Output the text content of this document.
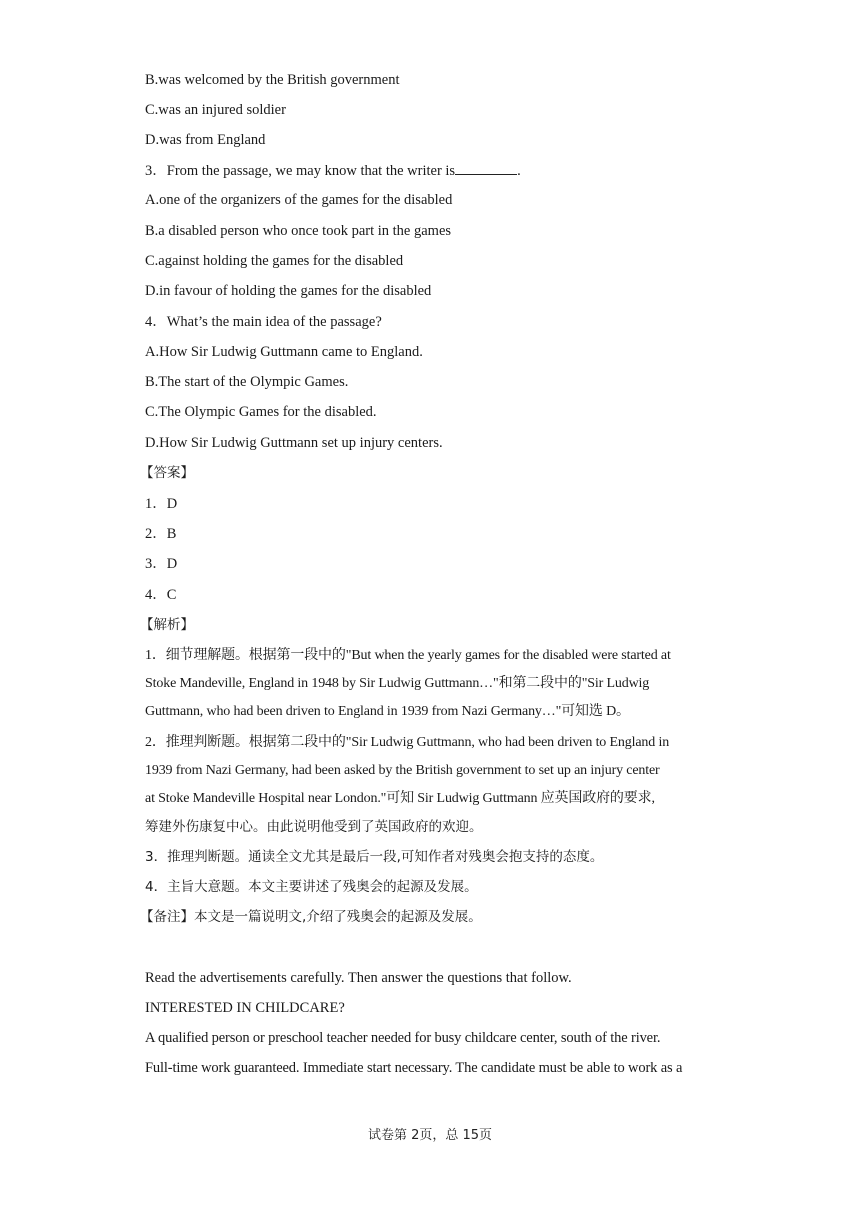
B.was welcomed by the British government
C.was an injured soldier
D.was from England
3．From the passage, we may know that the writer is	.
A.one of the organizers of the games for the disabled
B.a disabled person who once took part in the games
C.against holding the games for the disabled
D.in favour of holding the games for the disabled
4．What’s the main idea of the passage?
A.How Sir Ludwig Guttmann came to England.
B.The start of the Olympic Games.
C.The Olympic Games for the disabled.
D.How Sir Ludwig Guttmann set up injury centers.
【答案】
1．D
2．B
3．D
4．C
【解析】
1．细节理解题。根据第一段中的"But when the yearly games for the disabled were started at
Stoke Mandeville, England in 1948 by Sir Ludwig Guttmann…"和第二段中的"Sir Ludwig
Guttmann, who had been driven to England in 1939 from Nazi Germany…"可知选 D。
2．推理判断题。根据第二段中的"Sir Ludwig Guttmann, who had been driven to England in
1939 from Nazi Germany, had been asked by the British government to set up an injury center
at Stoke Mandeville Hospital near London."可知 Sir Ludwig Guttmann 应英国政府的要求,
筹建外伤康复中心。由此说明他受到了英国政府的欢迎。
3．推理判断题。通读全文尤其是最后一段,可知作者对残奥会抱支持的态度。
4．主旨大意题。本文主要讲述了残奥会的起源及发展。
【备注】本文是一篇说明文,介绍了残奥会的起源及发展。
Read the advertisements carefully. Then answer the questions that follow.
INTERESTED IN CHILDCARE?
A qualified person or preschool teacher needed for busy childcare center, south of the river.
Full-time work guaranteed. Immediate start necessary. The candidate must be able to work as a
试卷第 2页，总 15页
